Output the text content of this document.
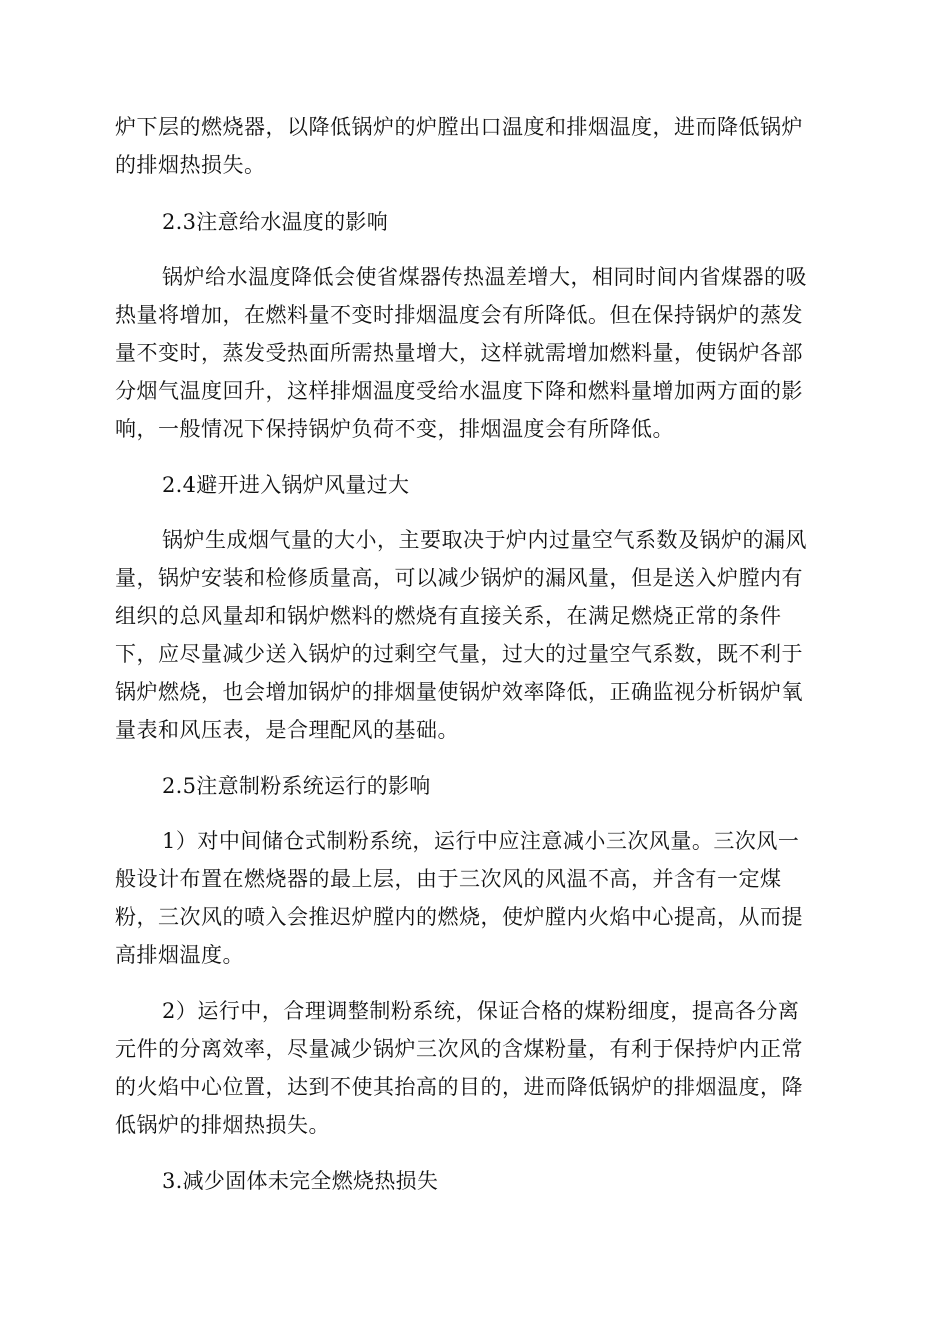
炉下层的燃烧器，以降低锅炉的炉膛出口温度和排烟温度，进而降低锅炉
的排烟热损失。
2.3注意给水温度的影响
锅炉给水温度降低会使省煤器传热温差增大，相同时间内省煤器的吸
热量将增加，在燃料量不变时排烟温度会有所降低。但在保持锅炉的蒸发
量不变时，蒸发受热面所需热量增大，这样就需增加燃料量，使锅炉各部
分烟气温度回升，这样排烟温度受给水温度下降和燃料量增加两方面的影
响，一般情况下保持锅炉负荷不变，排烟温度会有所降低。
2.4避开进入锅炉风量过大
锅炉生成烟气量的大小，主要取决于炉内过量空气系数及锅炉的漏风
量，锅炉安装和检修质量高，可以减少锅炉的漏风量，但是送入炉膛内有
组织的总风量却和锅炉燃料的燃烧有直接关系，在满足燃烧正常的条件
下，应尽量减少送入锅炉的过剩空气量，过大的过量空气系数，既不利于
锅炉燃烧，也会增加锅炉的排烟量使锅炉效率降低，正确监视分析锅炉氧
量表和风压表，是合理配风的基础。
2.5注意制粉系统运行的影响
1）对中间储仓式制粉系统，运行中应注意减小三次风量。三次风一
般设计布置在燃烧器的最上层，由于三次风的风温不高，并含有一定煤
粉，三次风的喷入会推迟炉膛内的燃烧，使炉膛内火焰中心提高，从而提
高排烟温度。
2）运行中，合理调整制粉系统，保证合格的煤粉细度，提高各分离
元件的分离效率，尽量减少锅炉三次风的含煤粉量，有利于保持炉内正常
的火焰中心位置，达到不使其抬高的目的，进而降低锅炉的排烟温度，降
低锅炉的排烟热损失。
3.减少固体未完全燃烧热损失
